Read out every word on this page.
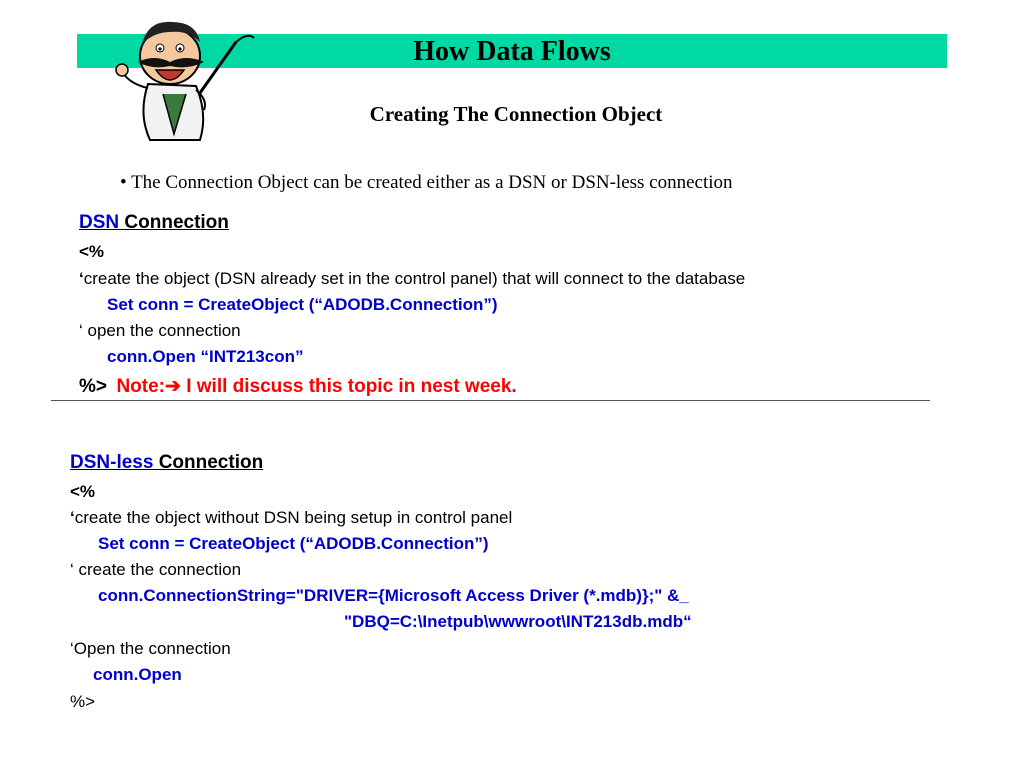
How Data Flows
Creating The Connection Object
• The Connection Object can be created either as a DSN or DSN-less connection
DSN Connection
<%
‘create the object (DSN already set in the control panel) that will connect to the database
Set conn = CreateObject (“ADODB.Connection”)
‘ open the connection
conn.Open “INT213con”
%> Note:➔ I will discuss this topic in nest week.
DSN-less Connection
<%
‘create the object without DSN being setup in control panel
Set conn = CreateObject (“ADODB.Connection”)
‘ create the connection
conn.ConnectionString="DRIVER={Microsoft Access Driver (*.mdb)};" &_
"DBQ=C:\Inetpub\wwwroot\INT213db.mdb“
‘Open the connection
conn.Open
%>
